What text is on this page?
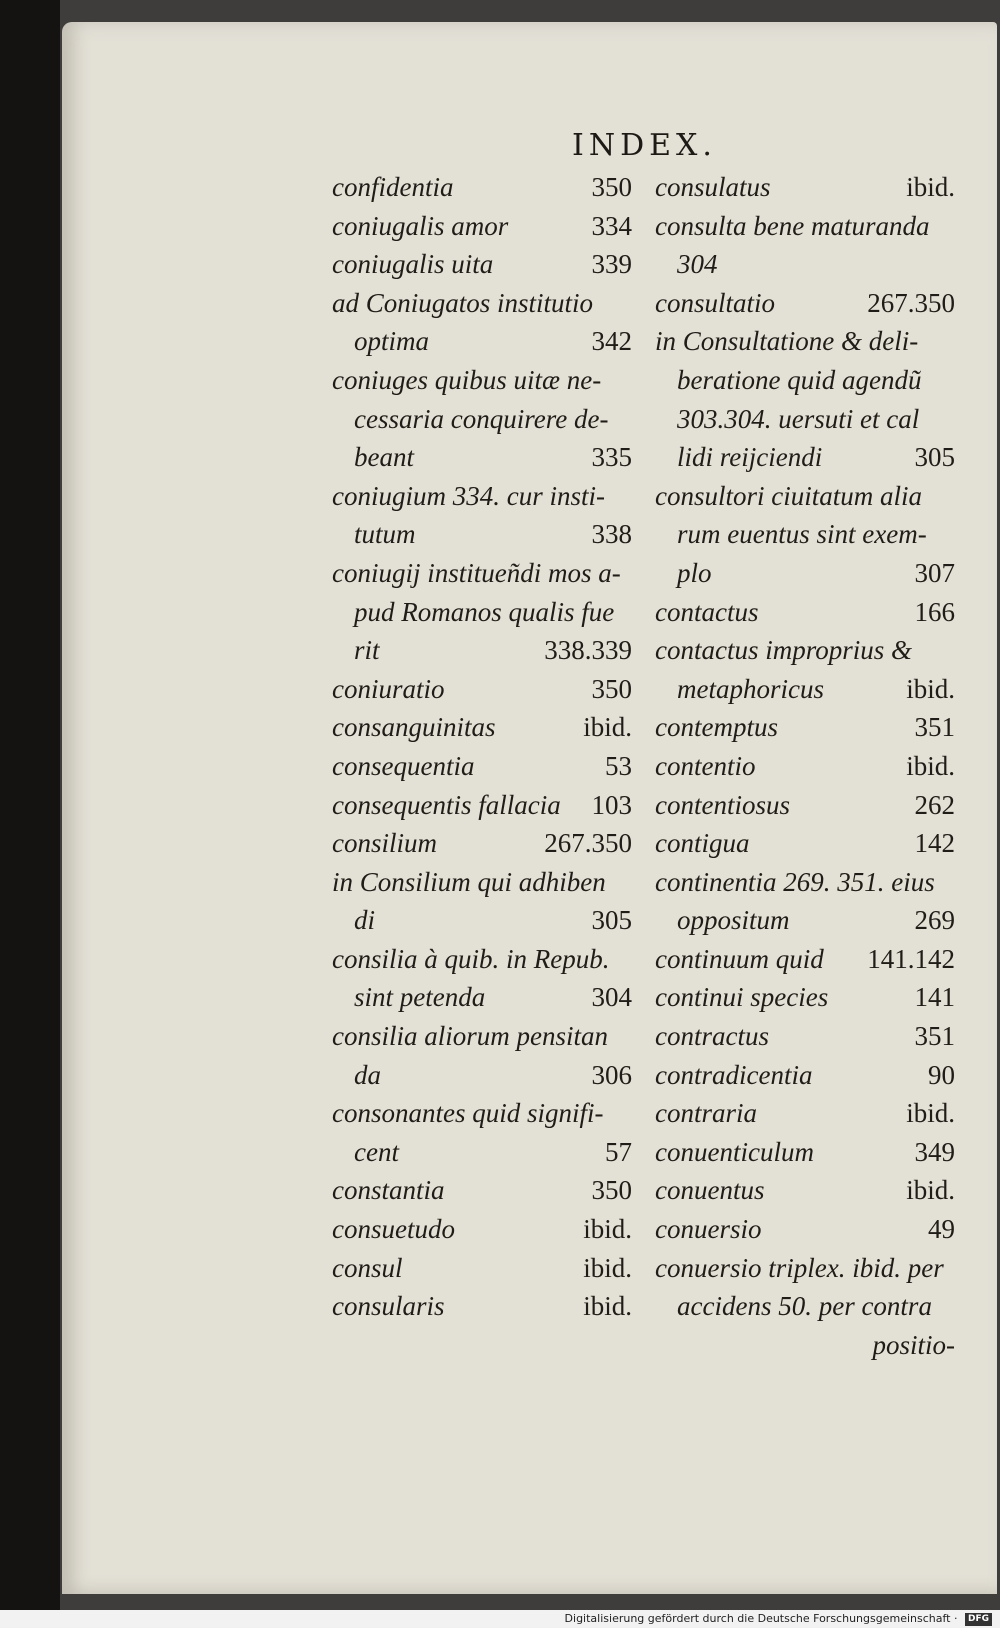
INDEX.
confidentia	350
coniugalis amor	334
coniugalis uita	339
ad Coniugatos institutio
optima	342
coniuges quibus uitæ ne-
cessaria conquirere de-
beant	335
coniugium 334. cur insti-
tutum	338
coniugij institueñdi mos a-
pud Romanos qualis fue
rit	338.339
coniuratio	350
consanguinitas	ibid.
consequentia	53
consequentis fallacia 103
consilium	267.350
in Consilium qui adhiben
di	305
consilia à quib. in Repub.
sint petenda	304
consilia aliorum pensitan
da	306
consonantes quid signifi-
cent	57
constantia	350
consuetudo	ibid.
consul	ibid.
consularis	ibid.
consulatus	ibid.
consulta bene maturanda
304
consultatio	267.350
in Consultatione & deli-
beratione quid agendũ
303.304. uersuti et cal
lidi reijciendi	305
consultori ciuitatum alia
rum euentus sint exem-
plo	307
contactus	166
contactus improprius &
metaphoricus	ibid.
contemptus	351
contentio	ibid.
contentiosus	262
contigua	142
continentia 269. 351. eius
oppositum	269
continuum quid 141.142
continui species	141
contractus	351
contradicentia	90
contraria	ibid.
conuenticulum	349
conuentus	ibid.
conuersio	49
conuersio triplex. ibid. per
accidens 50. per contra
positio-
Digitalisierung gefördert durch die Deutsche Forschungsgemeinschaft · DFG
